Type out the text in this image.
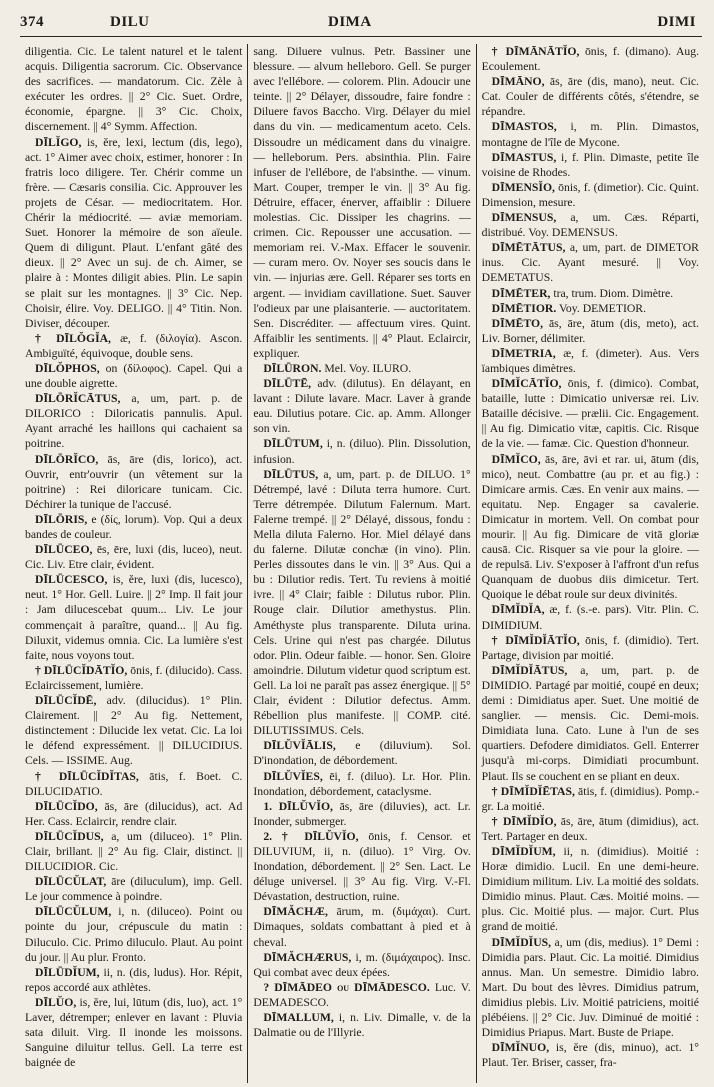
374	DILU	DIMA	DIMI

diligentia. Cic. Le talent naturel et le talent acquis. Diligentia sacrorum. Cic. Observance des sacrifices. — mandatorum. Cic. Zèle à exécuter les ordres. || 2° Cic. Suet. Ordre, économie, épargne. || 3° Cic. Choix, discernement. || 4° Symm. Affection.

DĪLĬGO, is, ĕre, lexi, lectum (dis, lego), act. 1° Aimer avec choix, estimer, honorer : In fratris loco diligere. Ter. Chérir comme un frère. — Cæsaris consilia. Cic. Approuver les projets de César. — mediocritatem. Hor. Chérir la médiocrité. — aviæ memoriam. Suet. Honorer la mémoire de son aïeule. Quem di diligunt. Plaut. L'enfant gâté des dieux. || 2° Avec un suj. de ch. Aimer, se plaire à : Montes diligit abies. Plin. Le sapin se plait sur les montagnes. || 3° Cic. Nep. Choisir, élire. Voy. DELIGO. || 4° Titin. Non. Diviser, découper.

† DĪLŎGĬA, æ, f. (διλογία). Ascon. Ambiguïté, équivoque, double sens.

DĪLŎPHOS, on (δίλοφος). Capel. Qui a une double aigrette.

DĪLŌRĬCĀTUS, a, um, part. p. de DILORICO : Diloricatis pannulis. Apul. Ayant arraché les haillons qui cachaient sa poitrine.

DĪLŌRĬCO, ās, āre (dis, lorico), act. Ouvrir, entr'ouvrir (un vêtement sur la poitrine) : Rei diloricare tunicam. Cic. Déchirer la tunique de l'accusé.

DĪLŌRIS, e (δίς, lorum). Vop. Qui a deux bandes de couleur.

DĪLŪCEO, ēs, ēre, luxi (dis, luceo), neut. Cic. Liv. Etre clair, évident.

DĪLŪCESCO, is, ĕre, luxi (dis, lucesco), neut. 1° Hor. Gell. Luire. || 2° Imp. Il fait jour : Jam dilucescebat quum... Liv. Le jour commençait à paraître, quand... || Au fig. Diluxit, videmus omnia. Cic. La lumière s'est faite, nous voyons tout.

† DĪLŪCĬDĀTĬO, ōnis, f. (dilucido). Cass. Eclaircissement, lumière.

DĪLŪCĬDĒ, adv. (dilucidus). 1° Plin. Clairement. || 2° Au fig. Nettement, distinctement : Dilucide lex vetat. Cic. La loi le défend expressément. || DILUCIDIUS. Cels. — ISSIME. Aug.

† DĪLŪCĬDĬTAS, ātis, f. Boet. C. DILUCIDATIO.

DĪLŪCĬDO, ās, āre (dilucidus), act. Ad Her. Cass. Eclaircir, rendre clair.

DĪLŪCĬDUS, a, um (diluceo). 1° Plin. Clair, brillant. || 2° Au fig. Clair, distinct. || DILUCIDIOR. Cic.

DĪLŪCŬLAT, āre (diluculum), imp. Gell. Le jour commence à poindre.

DĪLŪCŬLUM, i, n. (diluceo). Point ou pointe du jour, crépuscule du matin : Diluculo. Cic. Primo diluculo. Plaut. Au point du jour. || Au plur. Fronto.

DĪLŪDĬUM, ii, n. (dis, ludus). Hor. Répit, repos accordé aux athlètes.

DĪLŬO, is, ĕre, lui, lūtum (dis, luo), act. 1° Laver, détremper; enlever en lavant : Pluvia sata diluit. Virg. Il inonde les moissons. Sanguine diluitur tellus. Gell. La terre est baignée de

sang. Diluere vulnus. Petr. Bassiner une blessure. — alvum helleboro. Gell. Se purger avec l'ellébore. — colorem. Plin. Adoucir une teinte. || 2° Délayer, dissoudre, faire fondre : Diluere favos Baccho. Virg. Délayer du miel dans du vin. — medicamentum aceto. Cels. Dissoudre un médicament dans du vinaigre. — helleborum. Pers. absinthia. Plin. Faire infuser de l'ellébore, de l'absinthe. — vinum. Mart. Couper, tremper le vin. || 3° Au fig. Détruire, effacer, énerver, affaiblir : Diluere molestias. Cic. Dissiper les chagrins. — crimen. Cic. Repousser une accusation. — memoriam rei. V.-Max. Effacer le souvenir. — curam mero. Ov. Noyer ses soucis dans le vin. — injurias ære. Gell. Réparer ses torts en argent. — invidiam cavillatione. Suet. Sauver l'odieux par une plaisanterie. — auctoritatem. Sen. Discréditer. — affectuum vires. Quint. Affaiblir les sentiments. || 4° Plaut. Eclaircir, expliquer.

DĪLŪRON. Mel. Voy. ILURO.

DĪLŪTĒ, adv. (dilutus). En délayant, en lavant : Dilute lavare. Macr. Laver à grande eau. Dilutius potare. Cic. ap. Amm. Allonger son vin.

DĪLŪTUM, i, n. (diluo). Plin. Dissolution, infusion.

DĪLŪTUS, a, um, part. p. de DILUO. 1° Détrempé, lavé : Diluta terra humore. Curt. Terre détrempée. Dilutum Falernum. Mart. Falerne trempé. || 2° Délayé, dissous, fondu : Mella diluta Falerno. Hor. Miel délayé dans du falerne. Dilutæ conchæ (in vino). Plin. Perles dissoutes dans le vin. || 3° Aus. Qui a bu : Dilutior redis. Tert. Tu reviens à moitié ivre. || 4° Clair; faible : Dilutus rubor. Plin. Rouge clair. Dilutior amethystus. Plin. Améthyste plus transparente. Diluta urina. Cels. Urine qui n'est pas chargée. Dilutus odor. Plin. Odeur faible. — honor. Sen. Gloire amoindrie. Dilutum videtur quod scriptum est. Gell. La loi ne paraît pas assez énergique. || 5° Clair, évident : Dilutior defectus. Amm. Rébellion plus manifeste. || COMP. cité. DILUTISSIMUS. Cels.

DĪLŬVĬĀLIS, e (diluvium). Sol. D'inondation, de débordement.

DĪLŬVĬES, ēi, f. (diluo). Lr. Hor. Plin. Inondation, débordement, cataclysme.

1. DĪLŬVĬO, ās, āre (diluvies), act. Lr. Inonder, submerger.

2. † DĪLŬVĬO, ōnis, f. Censor. et DILUVIUM, ii, n. (diluo). 1° Virg. Ov. Inondation, débordement. || 2° Sen. Lact. Le déluge universel. || 3° Au fig. Virg. V.-Fl. Dévastation, destruction, ruine.

DĪMĂCHÆ, ārum, m. (διμάχαι). Curt. Dimaques, soldats combattant à pied et à cheval.

DĪMĂCHÆRUS, i, m. (διμάχαιρος). Insc. Qui combat avec deux épées.

? DĪMĀDEO ou DĪMĀDESCO. Luc. V. DEMADESCO.

DĪMALLUM, i, n. Liv. Dimalle, v. de la Dalmatie ou de l'Illyrie.

† DĪMĀNĀTĬO, ōnis, f. (dimano). Aug. Ecoulement.

DĪMĀNO, ās, āre (dis, mano), neut. Cic. Cat. Couler de différents côtés, s'étendre, se répandre.

DĪMASTOS, i, m. Plin. Dimastos, montagne de l'île de Mycone.

DĪMASTUS, i, f. Plin. Dimaste, petite île voisine de Rhodes.

DĪMENSĬO, ōnis, f. (dimetior). Cic. Quint. Dimension, mesure.

DĪMENSUS, a, um. Cæs. Réparti, distribué. Voy. DEMENSUS.

DĪMĒTĀTUS, a, um, part. de DIMETOR inus. Cic. Ayant mesuré. || Voy. DEMETATUS.

DĪMĒTER, tra, trum. Diom. Dimètre.

DĪMĒTIOR. Voy. DEMETIOR.

DĪMĒTO, ās, āre, ātum (dis, meto), act. Liv. Borner, délimiter.

DĪMETRIA, æ, f. (dimeter). Aus. Vers ïambiques dimètres.

DĪMĬCĀTĬO, ōnis, f. (dimico). Combat, bataille, lutte : Dimicatio universæ rei. Liv. Bataille décisive. — prælii. Cic. Engagement. || Au fig. Dimicatio vitæ, capitis. Cic. Risque de la vie. — famæ. Cic. Question d'honneur.

DĪMĬCO, ās, āre, āvi et rar. ui, ātum (dis, mico), neut. Combattre (au pr. et au fig.) : Dimicare armis. Cæs. En venir aux mains. — equitatu. Nep. Engager sa cavalerie. Dimicatur in mortem. Vell. On combat pour mourir. || Au fig. Dimicare de vitā gloriæ causā. Cic. Risquer sa vie pour la gloire. — de repulsā. Liv. S'exposer à l'affront d'un refus Quanquam de duobus diis dimicetur. Tert. Quoique le débat roule sur deux divinités.

DĪMĬDĬA, æ, f. (s.-e. pars). Vitr. Plin. C. DIMIDIUM.

† DĪMĬDĬĀTĬO, ōnis, f. (dimidio). Tert. Partage, division par moitié.

DĪMĬDĬĀTUS, a, um, part. p. de DIMIDIO. Partagé par moitié, coupé en deux; demi : Dimidiatus aper. Suet. Une moitié de sanglier. — mensis. Cic. Demi-mois. Dimidiata luna. Cato. Lune à l'un de ses quartiers. Defodere dimidiatos. Gell. Enterrer jusqu'à mi-corps. Dimidiati procumbunt. Plaut. Ils se couchent en se pliant en deux.

† DĪMĬDĬĒTAS, ātis, f. (dimidius). Pomp.-gr. La moitié.

† DĪMĬDĬO, ās, āre, ātum (dimidius), act. Tert. Partager en deux.

DĪMĬDĬUM, ii, n. (dimidius). Moitié : Horæ dimidio. Lucil. En une demi-heure. Dimidium militum. Liv. La moitié des soldats. Dimidio minus. Plaut. Cæs. Moitié moins. — plus. Cic. Moitié plus. — major. Curt. Plus grand de moitié.

DĪMĬDĬUS, a, um (dis, medius). 1° Demi : Dimidia pars. Plaut. Cic. La moitié. Dimidius annus. Man. Un semestre. Dimidio labro. Mart. Du bout des lèvres. Dimidius patrum, dimidius plebis. Liv. Moitié patriciens, moitié plébéiens. || 2° Cic. Juv. Diminué de moitié : Dimidius Priapus. Mart. Buste de Priape.

DĪMĬNUO, is, ĕre (dis, minuo), act. 1° Plaut. Ter. Briser, casser, fra-
